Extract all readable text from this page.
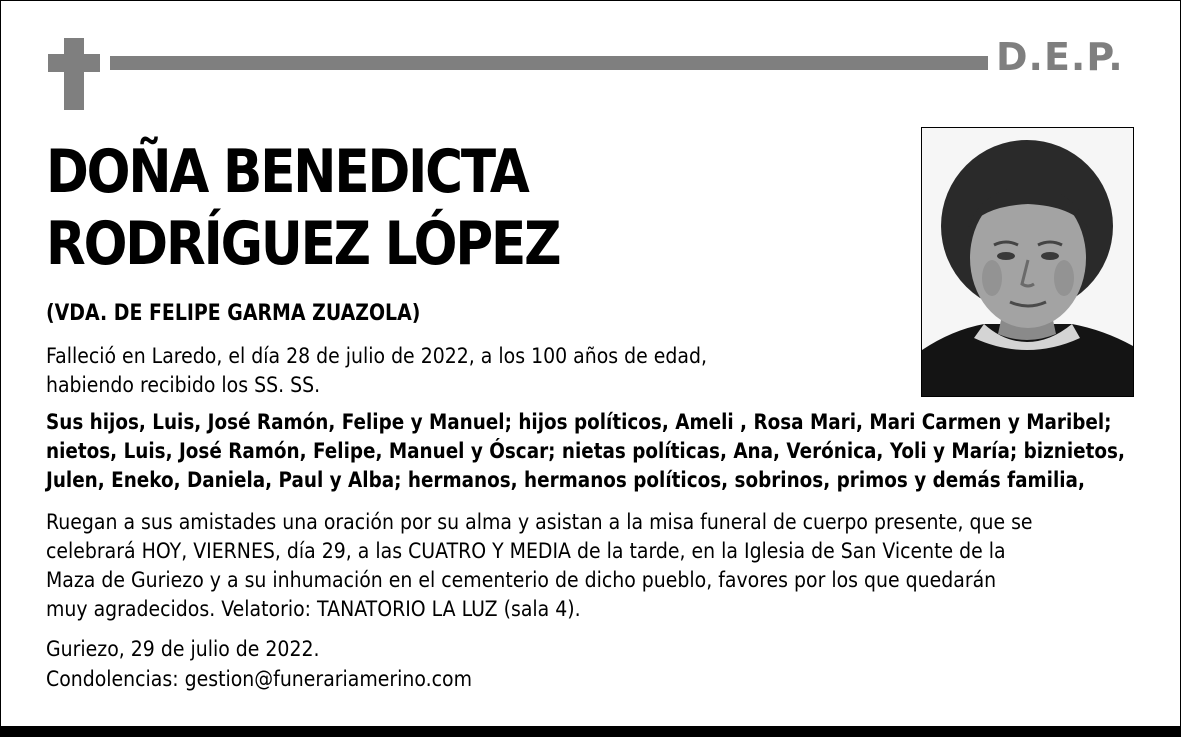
D.E.P.
DOÑA BENEDICTA
RODRÍGUEZ LÓPEZ
(VDA. DE FELIPE GARMA ZUAZOLA)
Falleció en Laredo, el día 28 de julio de 2022, a los 100 años de edad,
habiendo recibido los SS. SS.
Sus hijos, Luis, José Ramón, Felipe y Manuel; hijos políticos, Ameli , Rosa Mari, Mari Carmen y Maribel;
nietos, Luis, José Ramón, Felipe, Manuel y Óscar; nietas políticas, Ana, Verónica, Yoli y María; biznietos,
Julen, Eneko, Daniela, Paul y Alba; hermanos, hermanos políticos, sobrinos, primos y demás familia,
Ruegan a sus amistades una oración por su alma y asistan a la misa funeral de cuerpo presente, que se
celebrará HOY, VIERNES, día 29, a las CUATRO Y MEDIA de la tarde, en la Iglesia de San Vicente de la
Maza de Guriezo y a su inhumación en el cementerio de dicho pueblo, favores por los que quedarán
muy agradecidos. Velatorio: TANATORIO LA LUZ (sala 4).
Guriezo, 29 de julio de 2022.
Condolencias: gestion@funerariamerino.com
